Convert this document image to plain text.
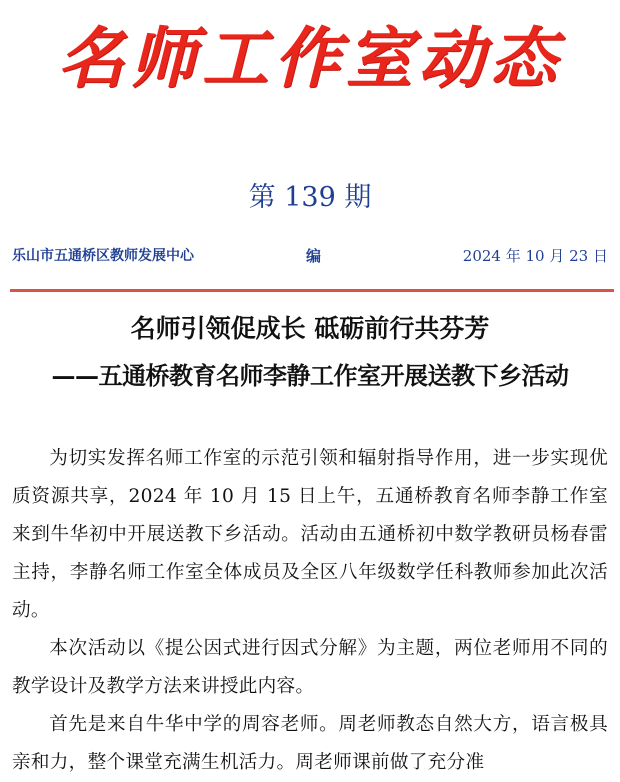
名师工作室动态
第 139 期
乐山市五通桥区教师发展中心	编	2024 年 10 月 23 日
名师引领促成长 砥砺前行共芬芳
——五通桥教育名师李静工作室开展送教下乡活动

为切实发挥名师工作室的示范引领和辐射指导作用，进一步实现优质资源共享，2024 年 10 月 15 日上午，五通桥教育名师李静工作室来到牛华初中开展送教下乡活动。活动由五通桥初中数学教研员杨春雷主持，李静名师工作室全体成员及全区八年级数学任科教师参加此次活动。

本次活动以《提公因式进行因式分解》为主题，两位老师用不同的教学设计及教学方法来讲授此内容。

首先是来自牛华中学的周容老师。周老师教态自然大方，语言极具亲和力，整个课堂充满生机活力。周老师课前做了充分准
